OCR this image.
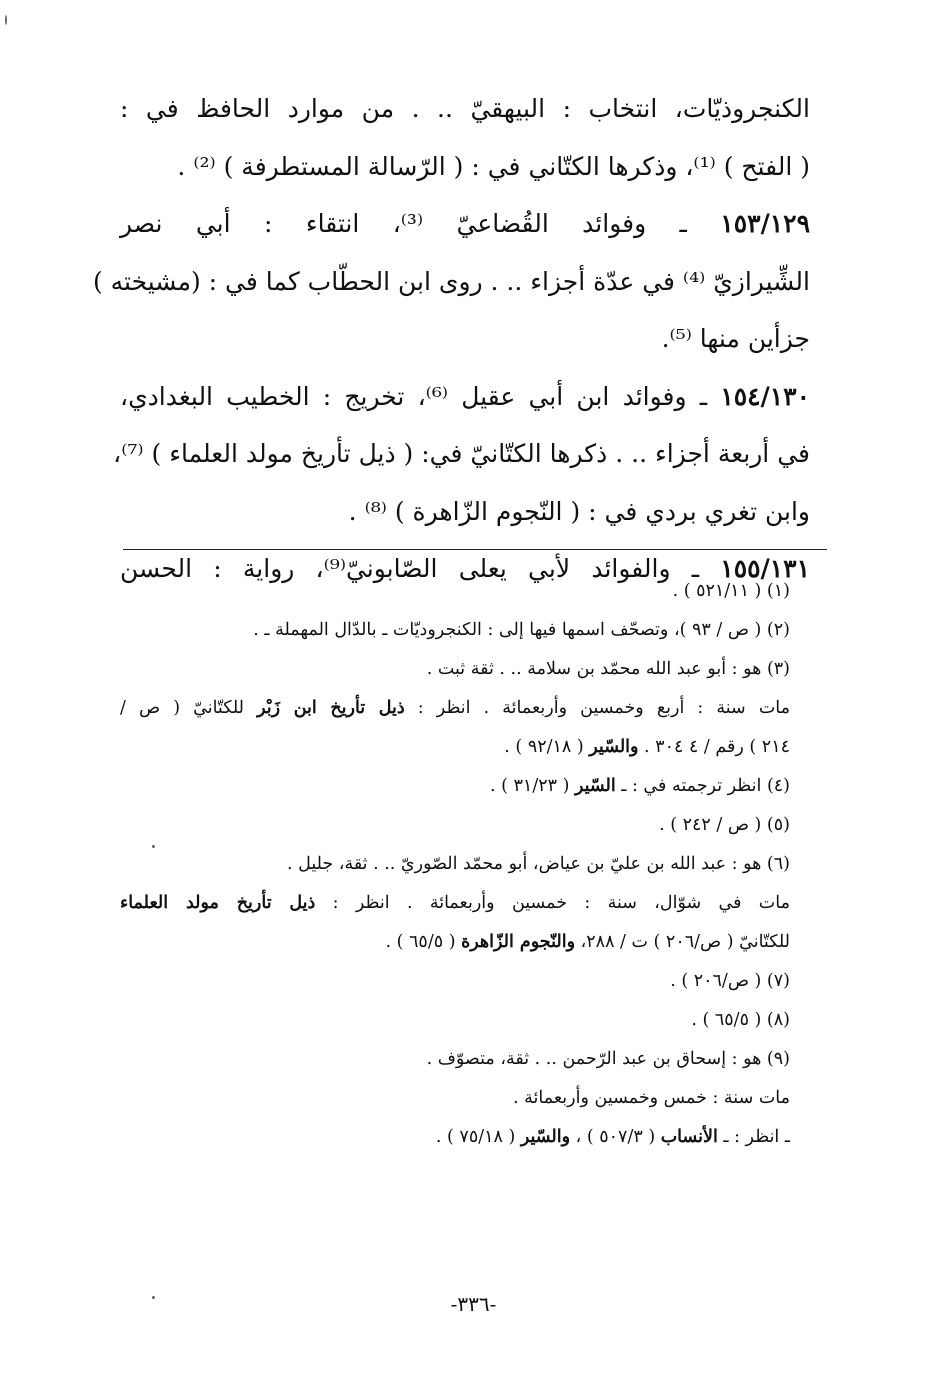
الكنجروذيّات، انتخاب : البيهقيّ .. . من موارد الحافظ في :
( الفتح ) ⁽¹⁾، وذكرها الكتّاني في : ( الرّسالة المستطرفة ) ⁽²⁾ .
١٥٣/١٢٩ ـ وفوائد القُضاعيّ ⁽³⁾، انتقاء : أبي نصر
الشِّيرازيّ ⁽⁴⁾ في عدّة أجزاء .. . روى ابن الحطّاب كما في : (مشيخته )
جزأين منها ⁽⁵⁾.
١٥٤/١٣٠ ـ وفوائد ابن أبي عقيل ⁽⁶⁾، تخريج : الخطيب البغدادي،
في أربعة أجزاء .. . ذكرها الكتّانيّ في: ( ذيل تأريخ مولد العلماء ) ⁽⁷⁾،
وابن تغري بردي في : ( النّجوم الزّاهرة ) ⁽⁸⁾ .
١٥٥/١٣١ ـ والفوائد لأبي يعلى الصّابونيّ⁽⁹⁾، رواية : الحسن
(١) ( ٥٢١/١١ ) .
(٢) ( ص / ٩٣ )، وتصحّف اسمها فيها إلى : الكنجروديّات ـ بالدّال المهملة ـ .
(٣) هو : أبو عبد الله محمّد بن سلامة .. . ثقة ثبت .
مات سنة : أربع وخمسين وأربعمائة . انظر : ذيل تأريخ ابن زَبْر للكتّانيّ ( ص /
٢١٤ ) رقم / ٤ ٣٠٤ . والسّير ( ٩٢/١٨ ) .
(٤) انظر ترجمته في : ـ السّير ( ٣١/٢٣ ) .
(٥) ( ص / ٢٤٢ ) .
(٦) هو : عبد الله بن عليّ بن عياض، أبو محمّد الصّوريّ .. . ثقة، جليل .
مات في شوّال، سنة : خمسين وأربعمائة . انظر : ذيل تأريخ مولد العلماء
للكتّانيّ ( ص/٢٠٦ ) ت / ٢٨٨، والنّجوم الزّاهرة ( ٦٥/٥ ) .
(٧) ( ص/٢٠٦ ) .
(٨) ( ٦٥/٥ ) .
(٩) هو : إسحاق بن عبد الرّحمن .. . ثقة، متصوّف .
مات سنة : خمس وخمسين وأربعمائة .
ـ انظر : ـ الأنساب ( ٥٠٧/٣ ) ، والسّير ( ٧٥/١٨ ) .
-٣٣٦-
